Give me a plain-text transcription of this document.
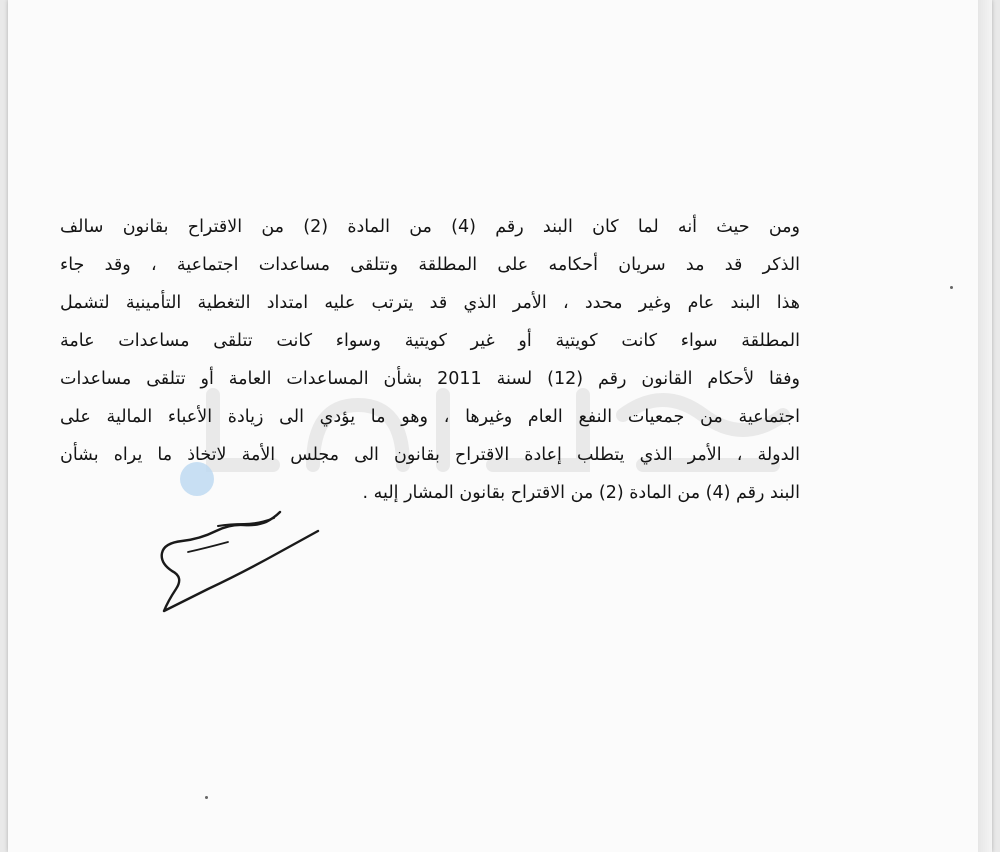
ومن حيث أنه لما كان البند رقم (4) من المادة (2) من الاقتراح بقانون سالف
الذكر قد مد سريان أحكامه على المطلقة وتتلقى مساعدات اجتماعية ، وقد جاء
هذا البند عام وغير محدد ، الأمر الذي قد يترتب عليه امتداد التغطية التأمينية لتشمل
المطلقة سواء كانت كويتية أو غير كويتية وسواء كانت تتلقى مساعدات عامة
وفقا لأحكام القانون رقم (12) لسنة 2011 بشأن المساعدات العامة أو تتلقى مساعدات
اجتماعية من جمعيات النفع العام وغيرها ، وهو ما يؤدي الى زيادة الأعباء المالية على
الدولة ، الأمر الذي يتطلب إعادة الاقتراح بقانون الى مجلس الأمة لاتخاذ ما يراه بشأن
البند رقم (4) من المادة (2) من الاقتراح بقانون المشار إليه .
